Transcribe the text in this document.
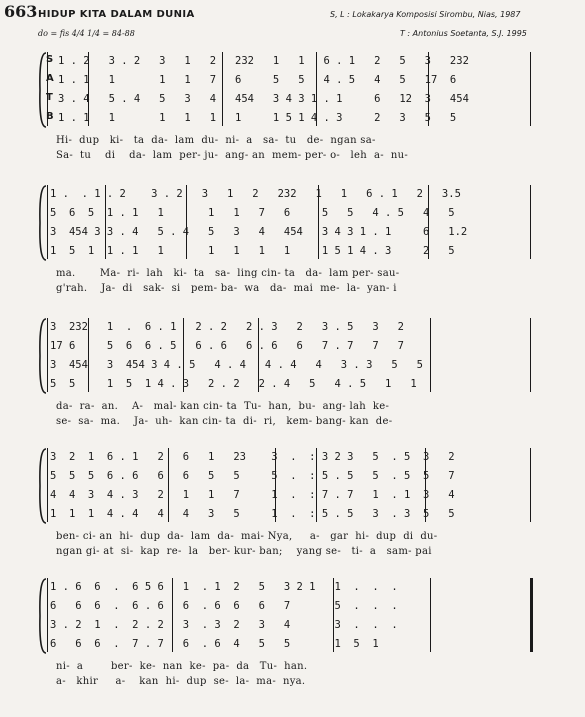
663 HIDUP KITA DALAM DUNIA	S, L : Lokakarya Komposisi Sirombu, Nias, 1987
do = fis 4/4 1/4 = 84-88	T : Antonius Soetanta, S.J. 1995
S
A
T
B
1 . 2   3 . 2   3   1   2   232   1   1   6 . 1   2   5   3   232
1 . 1   1       1   1   7   6     5   5   4 . 5   4   5   17  6
3 . 4   5 . 4   5   3   4   454   3 4 3 1 . 1     6   12  3   454
1 . 1   1       1   1   1   1     1 5 1 4 . 3     2   3   5   5
Hi-  dup   ki-   ta  da-  lam  du-  ni-  a   sa-  tu   de-  ngan sa-
Sa-  tu    di    da-  lam  per- ju-  ang- an  mem- per- o-   leh  a-  nu-
1 .  . 1 . 2    3 . 2   3   1   2   232   1   1   6 . 1   2   3.5
5  6  5  1 . 1   1       1   1   7   6     5   5   4 . 5   4   5
3  454 3 3 . 4   5 . 4   5   3   4   454   3 4 3 1 . 1     6   1.2
1  5  1  1 . 1   1       1   1   1   1     1 5 1 4 . 3     2   5
ma.       Ma-  ri-  lah   ki-  ta   sa-  ling cin- ta   da-  lam per- sau-
g'rah.    Ja-  di   sak-  si   pem- ba-  wa   da-  mai  me-  la-  yan- i
3  232   1  .  6 . 1   2 . 2   2 . 3   2   3 . 5   3   2
17 6     5  6  6 . 5   6 . 6   6 . 6   6   7 . 7   7   7
3  454   3  454 3 4 . 5   4 . 4   4 . 4   4   3 . 3   5   5
5  5     1  5  1 4 . 3   2 . 2   2 . 4   5   4 . 5   1   1
da-  ra-  an.    A-   mal- kan cin- ta  Tu-  han,  bu-  ang- lah  ke-
se-  sa-  ma.    Ja-  uh-  kan cin- ta  di-  ri,   kem- bang- kan  de-
3  2  1  6 . 1   2   6   1   23    3  .  : 3 2 3   5  . 5  3   2
5  5  5  6 . 6   6   6   5   5     5  .  : 5 . 5   5  . 5  5   7
4  4  3  4 . 3   2   1   1   7     1  .  : 7 . 7   1  . 1  3   4
1  1  1  4 . 4   4   4   3   5     1  .  : 5 . 5   3  . 3  5   5
ben- ci- an  hi-  dup  da-  lam  da-  mai- Nya,     a-   gar  hi-  dup  di  du-
ngan gi- at  si-  kap  re-  la   ber- kur- ban;    yang se-   ti-  a   sam- pai
1 . 6  6  .  6 5 6   1  . 1  2   5   3 2 1   1  .  .  .
6   6  6  .  6 . 6   6  . 6  6   6   7       5  .  .  .
3 . 2  1  .  2 . 2   3  . 3  2   3   4       3  .  .  .
6   6  6  .  7 . 7   6  . 6  4   5   5       1  5  1
ni-  a        ber-  ke-  nan  ke-  pa-  da   Tu-  han.
a-   khir     a-    kan  hi-  dup  se-  la-  ma-  nya.
